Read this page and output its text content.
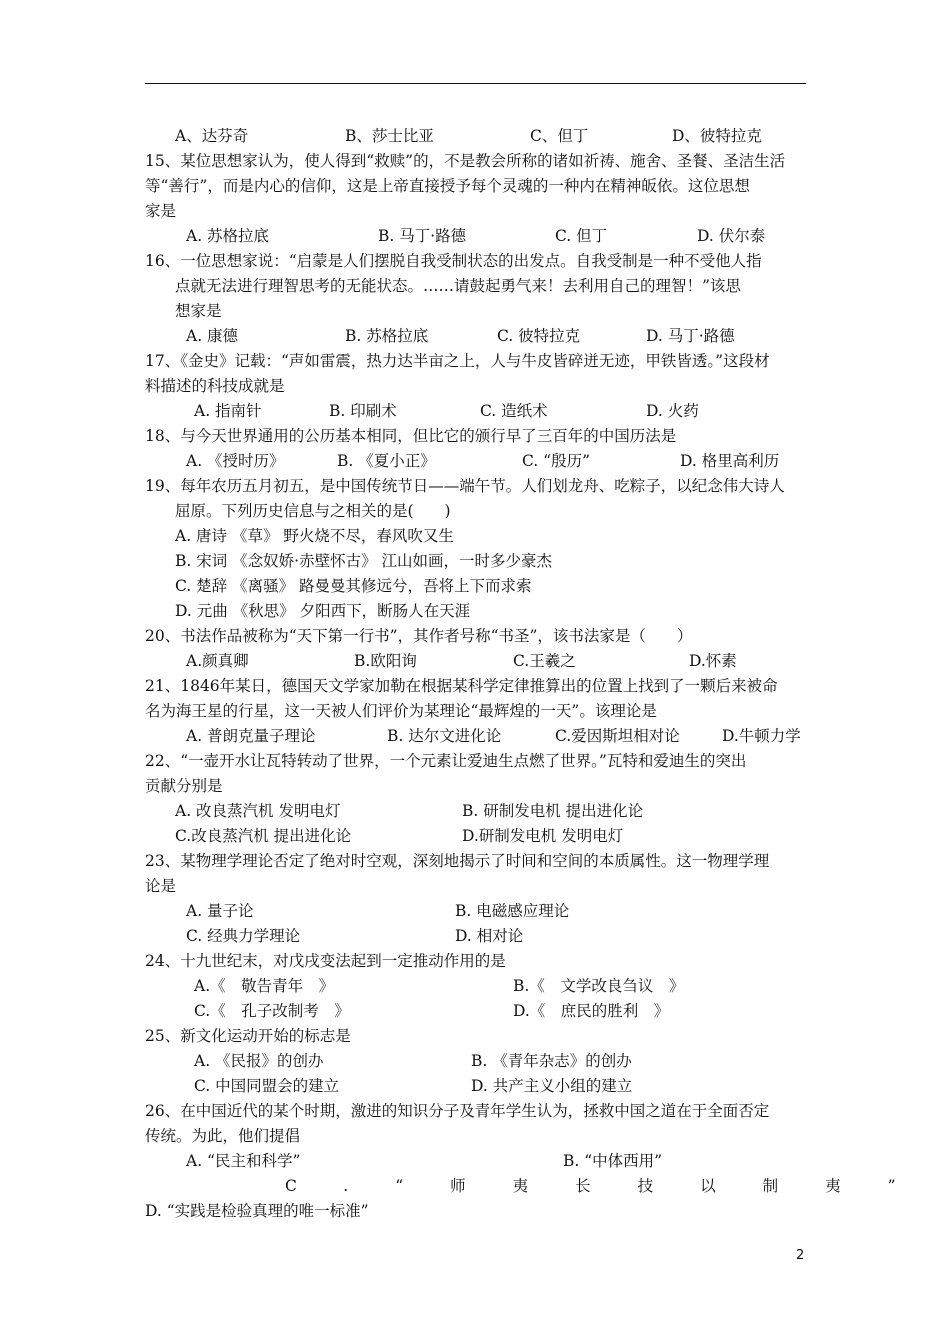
A、达芬奇	B、莎士比亚	C、但丁	D、彼特拉克
15、某位思想家认为，使人得到“救赎”的，不是教会所称的诸如祈祷、施舍、圣餐、圣洁生活
等“善行”，而是内心的信仰，这是上帝直接授予每个灵魂的一种内在精神皈依。这位思想
家是
A. 苏格拉底	B. 马丁·路德	C. 但丁	D. 伏尔泰
16、一位思想家说：“启蒙是人们摆脱自我受制状态的出发点。自我受制是一种不受他人指
点就无法进行理智思考的无能状态。……请鼓起勇气来！去利用自己的理智！”该思
想家是
A. 康德	B. 苏格拉底	C. 彼特拉克	D. 马丁·路德
17、《金史》记载：“声如雷震，热力达半亩之上，人与牛皮皆碎迸无迹，甲铁皆透。”这段材
料描述的科技成就是
A. 指南针	B. 印刷术	C. 造纸术	D. 火药
18、与今天世界通用的公历基本相同，但比它的颁行早了三百年的中国历法是
A. 《授时历》	B. 《夏小正》	C. “殷历”	D. 格里高利历
19、每年农历五月初五，是中国传统节日——端午节。人们划龙舟、吃粽子，以纪念伟大诗人
屈原。下列历史信息与之相关的是(　　)
A. 唐诗 《草》 野火烧不尽，春风吹又生
B. 宋词 《念奴娇·赤壁怀古》 江山如画，一时多少豪杰
C. 楚辞 《离骚》 路曼曼其修远兮，吾将上下而求索
D. 元曲 《秋思》 夕阳西下，断肠人在天涯
20、书法作品被称为“天下第一行书”，其作者号称“书圣”，该书法家是（　　）
A.颜真卿	B.欧阳询	C.王羲之	D.怀素
21、1846年某日，德国天文学家加勒在根据某科学定律推算出的位置上找到了一颗后来被命
名为海王星的行星，这一天被人们评价为某理论“最辉煌的一天”。该理论是
A. 普朗克量子理论	B. 达尔文进化论	C.爱因斯坦相对论	D.牛顿力学
22、“一壶开水让瓦特转动了世界，一个元素让爱迪生点燃了世界。”瓦特和爱迪生的突出
贡献分别是
A. 改良蒸汽机 发明电灯	B. 研制发电机 提出进化论
C.改良蒸汽机 提出进化论	D.研制发电机 发明电灯
23、某物理学理论否定了绝对时空观，深刻地揭示了时间和空间的本质属性。这一物理学理
论是
A. 量子论	B. 电磁感应理论
C. 经典力学理论	D. 相对论
24、十九世纪末，对戊戌变法起到一定推动作用的是
A.《　敬告青年　》	B.《　文学改良刍议　》
C.《　孔子改制考　》	D.《　庶民的胜利　》
25、新文化运动开始的标志是
A. 《民报》的创办	B. 《青年杂志》的创办
C. 中国同盟会的建立	D. 共产主义小组的建立
26、在中国近代的某个时期，激进的知识分子及青年学生认为，拯救中国之道在于全面否定
传统。为此，他们提倡
A. “民主和科学”	B. “中体西用”
C.“师夷长技以制夷”
D. “实践是检验真理的唯一标准”
2
